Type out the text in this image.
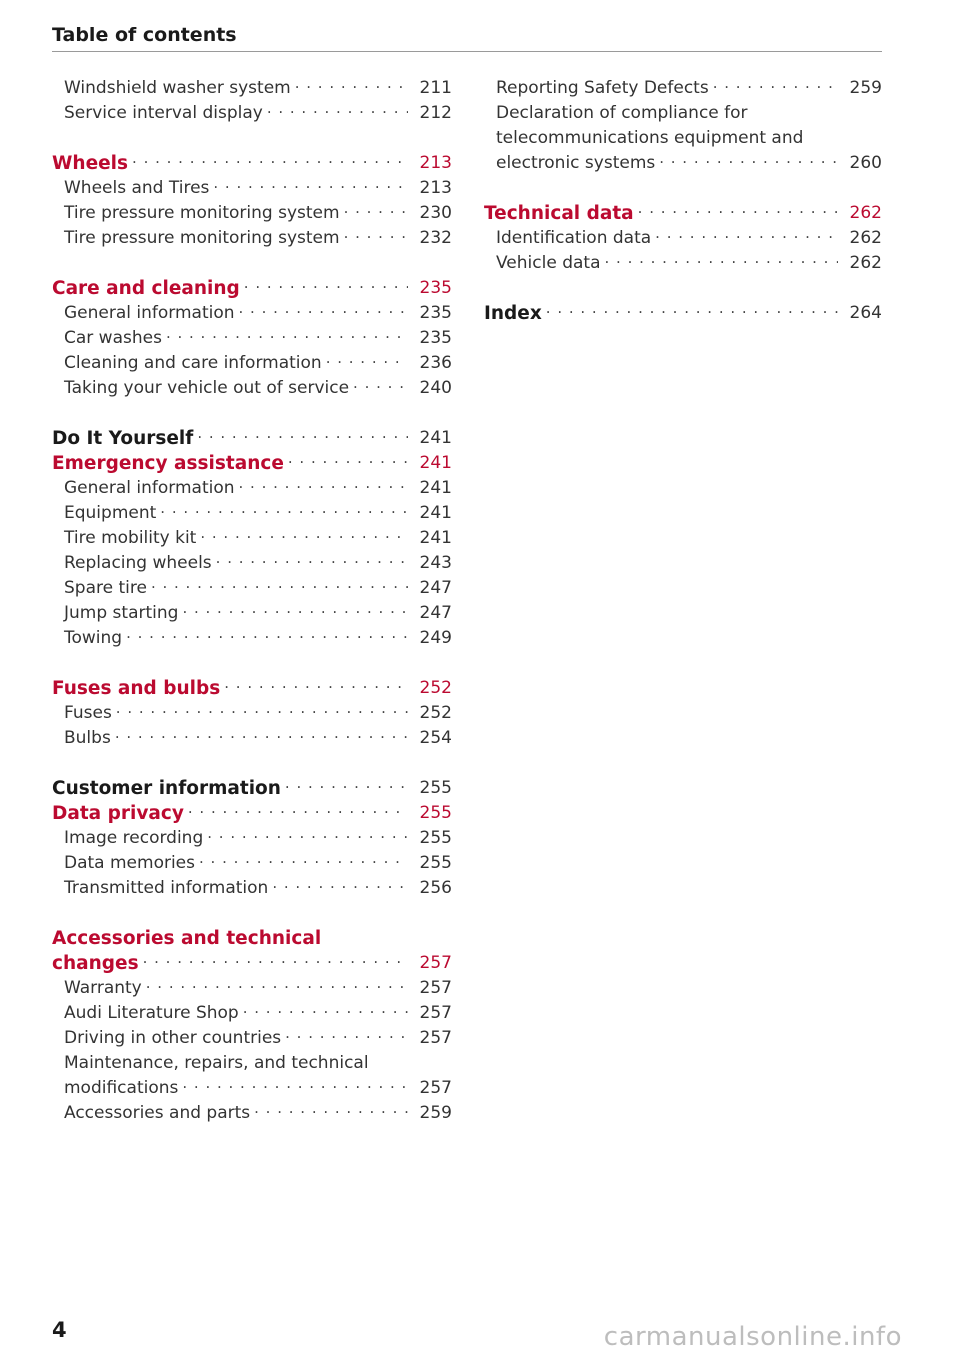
Table of contents
Windshield washer system	211
Service interval display	212
Wheels	213
Wheels and Tires	213
Tire pressure monitoring system	230
Tire pressure monitoring system	232
Care and cleaning	235
General information	235
Car washes	235
Cleaning and care information	236
Taking your vehicle out of service	240
Do It Yourself	241
Emergency assistance	241
General information	241
Equipment	241
Tire mobility kit	241
Replacing wheels	243
Spare tire	247
Jump starting	247
Towing	249
Fuses and bulbs	252
Fuses	252
Bulbs	254
Customer information	255
Data privacy	255
Image recording	255
Data memories	255
Transmitted information	256
Accessories and technical
changes	257
Warranty	257
Audi Literature Shop	257
Driving in other countries	257
Maintenance, repairs, and technical
modifications	257
Accessories and parts	259
Reporting Safety Defects	259
Declaration of compliance for
telecommunications equipment and
electronic systems	260
Technical data	262
Identification data	262
Vehicle data	262
Index	264
4	carmanualsonline.info
